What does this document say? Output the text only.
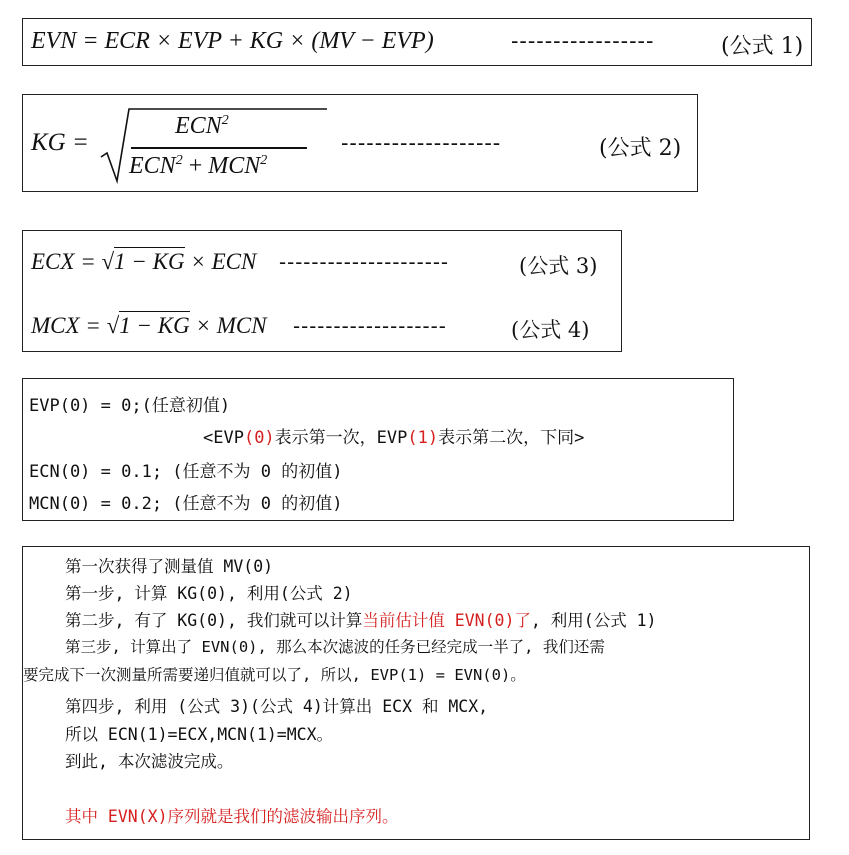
EVN = ECR × EVP + KG × (MV − EVP)	-----------------	(公式 1)
KG =
$ECN^2$
$ECN^2 + MCN^2$
-------------------	(公式 2)
ECX = √1 − KG × ECN ---------------------	(公式 3)
MCX = √1 − KG × MCN -------------------	(公式 4)
EVP(0) = 0;(任意初值)
<EVP(0)表示第一次，EVP(1)表示第二次，下同>
ECN(0) = 0.1; (任意不为 0 的初值)
MCN(0) = 0.2; (任意不为 0 的初值)
第一次获得了测量值 MV(0)
第一步, 计算 KG(0), 利用(公式 2)
第二步, 有了 KG(0), 我们就可以计算当前估计值 EVN(0)了, 利用(公式 1)
第三步, 计算出了 EVN(0), 那么本次滤波的任务已经完成一半了, 我们还需
要完成下一次测量所需要递归值就可以了, 所以, EVP(1) = EVN(0)。
第四步, 利用 (公式 3)(公式 4)计算出 ECX 和 MCX,
所以 ECN(1)=ECX,MCN(1)=MCX。
到此, 本次滤波完成。
其中 EVN(X)序列就是我们的滤波输出序列。
